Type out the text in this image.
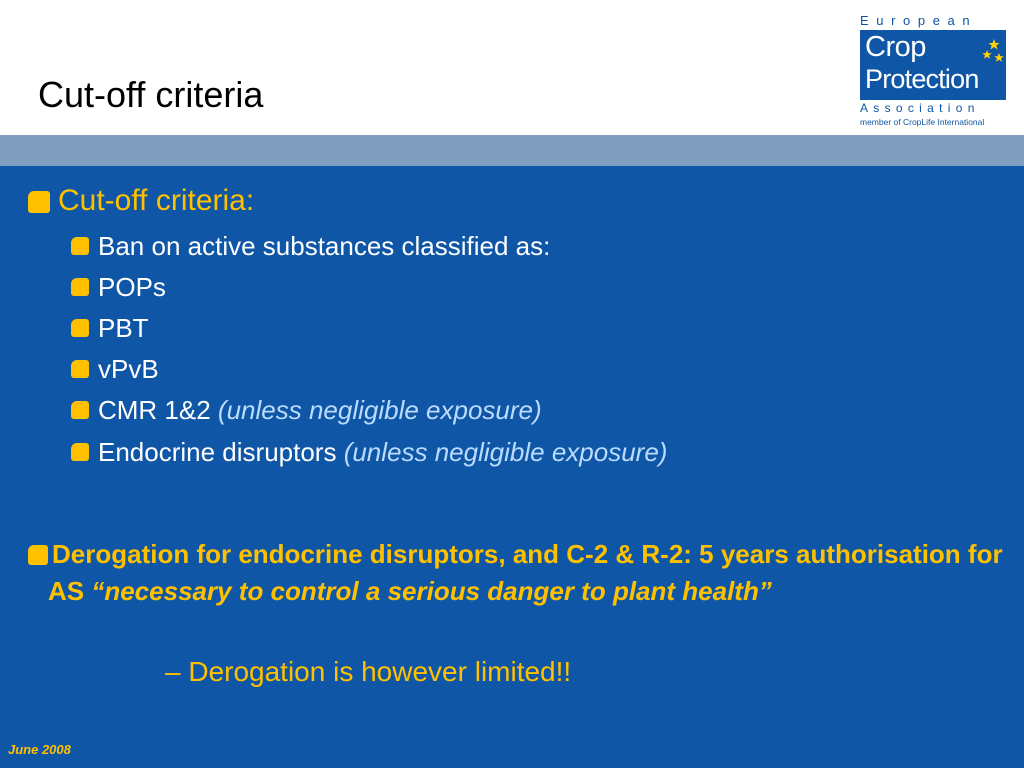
Cut-off criteria
European
Crop
Protection
Association
member of CropLife International
Cut-off criteria:
Ban on active substances classified as:
POPs
PBT
vPvB
CMR 1&2 (unless negligible exposure)
Endocrine disruptors (unless negligible exposure)
Derogation for endocrine disruptors, and C-2 & R-2: 5 years authorisation for AS “necessary to control a serious danger to plant health”
– Derogation is however limited!!
June 2008
